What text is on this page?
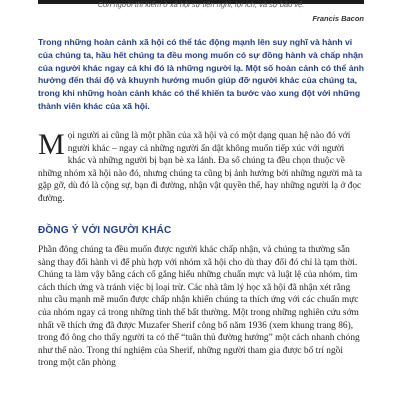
Con người thì kiểm ở xã hội sự tiện nghi, lợi ích, và sự bảo vệ.
Francis Bacon

Trong những hoàn cảnh xã hội có thể tác động mạnh lên suy nghĩ và hành vi của chúng ta, hầu hết chúng ta đều mong muốn có sự đồng hành và chấp nhận của người khác ngay cả khi đó là những người lạ. Một số hoàn cảnh có thể ảnh hưởng đến thái độ và khuynh hướng muốn giúp đỡ người khác của chúng ta, trong khi những hoàn cảnh khác có thể khiến ta bước vào xung đột với những thành viên khác của xã hội.

M ọi người ai cũng là một phần của xã hội và có một dạng quan hệ nào đó với người khác – ngay cả những người ẩn dật không muốn tiếp xúc với người khác và những người bị bạn bè xa lánh. Đa số chúng ta đều chọn thuộc về những nhóm xã hội nào đó, nhưng chúng ta cũng bị ảnh hưởng bởi những người mà ta gặp gỡ, dù đó là cộng sự, bạn đi đường, nhận vật quyền thế, hay những người lạ ở đọc đường.

ĐỒNG Ý VỚI NGƯỜI KHÁC

Phần đông chúng ta đều muốn được người khác chấp nhận, và chúng ta thường sẵn sàng thay đổi hành vi để phù hợp với nhóm xã hội cho dù thay đổi đó chỉ là tạm thời. Chúng ta làm vậy bằng cách cố gắng hiểu những chuẩn mực và luật lệ của nhóm, tìm cách thích ứng và tránh việc bị loại trừ. Các nhà tâm lý học xã hội đã nhận xét rằng nhu cầu mạnh mẽ muốn được chấp nhận khiến chúng ta thích ứng với các chuẩn mực của nhóm ngay cả trong những tình thế bất thường. Một trong những nghiên cứu sớm nhất về thích ứng đã được Muzafer Sherif công bố năm 1936 (xem khung trang 86), trong đó ông cho thấy người ta có thể “tuân thủ đường hướng” một cách nhanh chóng như thế nào. Trong thí nghiệm của Sherif, những người tham gia được bố trí ngồi trong một căn phòng
